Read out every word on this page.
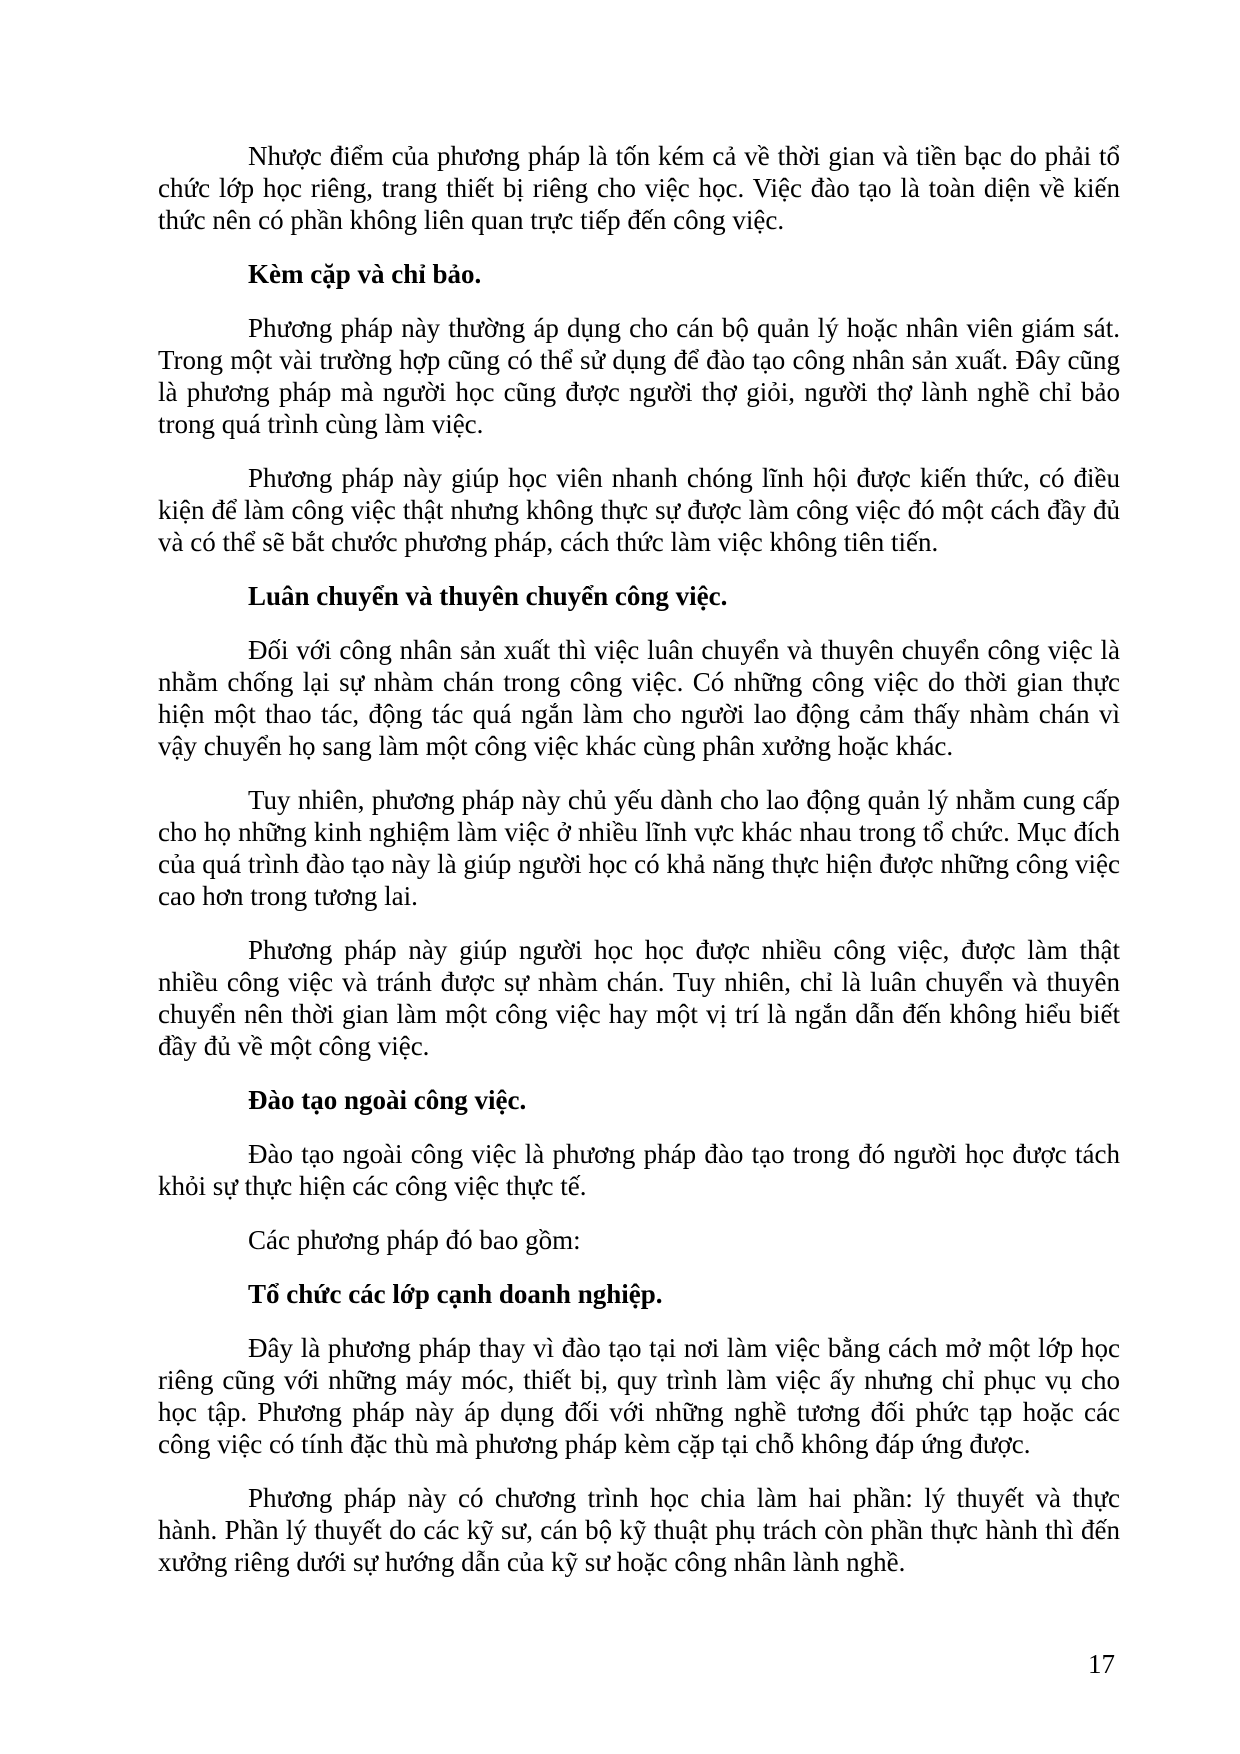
Nhược điểm của phương pháp là tốn kém cả về thời gian và tiền bạc do phải tổ chức lớp học riêng, trang thiết bị riêng cho việc học. Việc đào tạo là toàn diện về kiến thức nên có phần không liên quan trực tiếp đến công việc.

Kèm cặp và chỉ bảo.

Phương pháp này thường áp dụng cho cán bộ quản lý hoặc nhân viên giám sát. Trong một vài trường hợp cũng có thể sử dụng để đào tạo công nhân sản xuất. Đây cũng là phương pháp mà người học cũng được người thợ giỏi, người thợ lành nghề chỉ bảo trong quá trình cùng làm việc.

Phương pháp này giúp học viên nhanh chóng lĩnh hội được kiến thức, có điều kiện để làm công việc thật nhưng không thực sự được làm công việc đó một cách đầy đủ và có thể sẽ bắt chước phương pháp, cách thức làm việc không tiên tiến.

Luân chuyển và thuyên chuyển công việc.

Đối với công nhân sản xuất thì việc luân chuyển và thuyên chuyển công việc là nhằm chống lại sự nhàm chán trong công việc. Có những công việc do thời gian thực hiện một thao tác, động tác quá ngắn làm cho người lao động cảm thấy nhàm chán vì vậy chuyển họ sang làm một công việc khác cùng phân xưởng hoặc khác.

Tuy nhiên, phương pháp này chủ yếu dành cho lao động quản lý nhằm cung cấp cho họ những kinh nghiệm làm việc ở nhiều lĩnh vực khác nhau trong tổ chức. Mục đích của quá trình đào tạo này là giúp người học có khả năng thực hiện được những công việc cao hơn trong tương lai.

Phương pháp này giúp người học học được nhiều công việc, được làm thật nhiều công việc và tránh được sự nhàm chán. Tuy nhiên, chỉ là luân chuyển và thuyên chuyển nên thời gian làm một công việc hay một vị trí là ngắn dẫn đến không hiểu biết đầy đủ về một công việc.

Đào tạo ngoài công việc.

Đào tạo ngoài công việc là phương pháp đào tạo trong đó người học được tách khỏi sự thực hiện các công việc thực tế.

Các phương pháp đó bao gồm:

Tổ chức các lớp cạnh doanh nghiệp.

Đây là phương pháp thay vì đào tạo tại nơi làm việc bằng cách mở một lớp học riêng cũng với những máy móc, thiết bị, quy trình làm việc ấy nhưng chỉ phục vụ cho học tập. Phương pháp này áp dụng đối với những nghề tương đối phức tạp hoặc các công việc có tính đặc thù mà phương pháp kèm cặp tại chỗ không đáp ứng được.

Phương pháp này có chương trình học chia làm hai phần: lý thuyết và thực hành. Phần lý thuyết do các kỹ sư, cán bộ kỹ thuật phụ trách còn phần thực hành thì đến xưởng riêng dưới sự hướng dẫn của kỹ sư hoặc công nhân lành nghề.

17
